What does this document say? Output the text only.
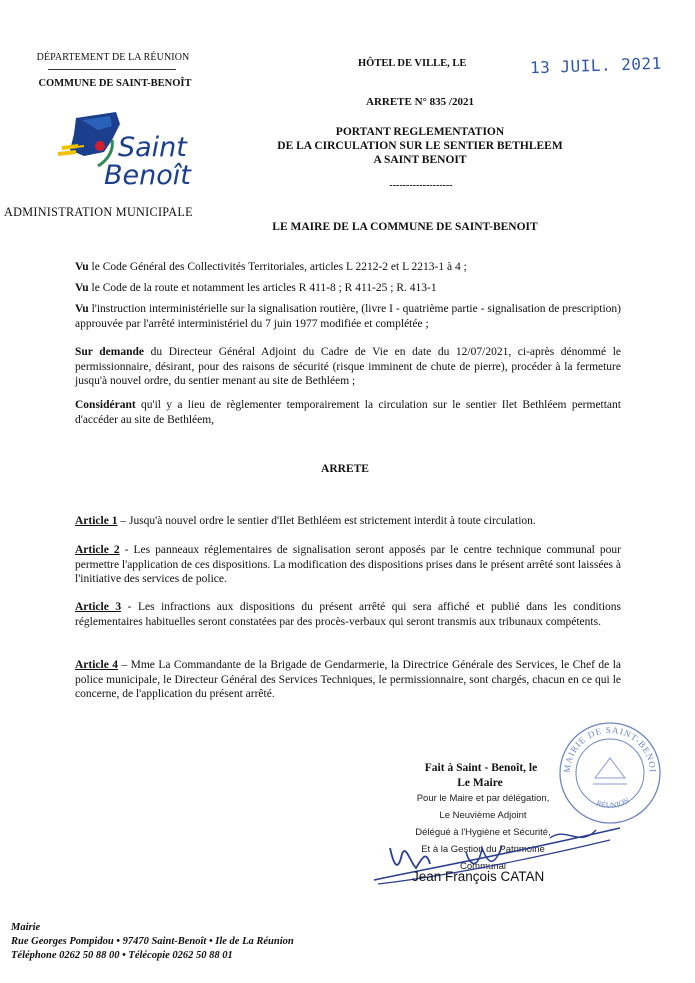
DÉPARTEMENT DE LA RÉUNION
COMMUNE DE SAINT-BENOÎT
Saint
Benoît
ADMINISTRATION MUNICIPALE
HÔTEL DE VILLE, LE	13 JUIL. 2021
ARRETE N° 835 /2021
PORTANT REGLEMENTATION
DE LA CIRCULATION SUR LE SENTIER BETHLEEM
A SAINT BENOIT
-------------------
LE MAIRE DE LA COMMUNE DE SAINT-BENOIT

Vu le Code Général des Collectivités Territoriales, articles L 2212-2 et L 2213-1 à 4 ;

Vu le Code de la route et notamment les articles R 411-8 ; R 411-25 ; R. 413-1

Vu l'instruction interministérielle sur la signalisation routière, (livre I - quatrième partie - signalisation de prescription) approuvée par l'arrêté interministériel du 7 juin 1977 modifiée et complétée ;

Sur demande du Directeur Général Adjoint du Cadre de Vie en date du 12/07/2021, ci-après dénommé le permissionnaire, désirant, pour des raisons de sécurité (risque imminent de chute de pierre), procéder à la fermeture jusqu'à nouvel ordre, du sentier menant au site de Bethléem ;

Considérant qu'il y a lieu de règlementer temporairement la circulation sur le sentier Ilet Bethléem permettant d'accéder au site de Bethléem,

ARRETE

Article 1 – Jusqu'à nouvel ordre le sentier d'Ilet Bethléem est strictement interdit à toute circulation.

Article 2 - Les panneaux réglementaires de signalisation seront apposés par le centre technique communal pour permettre l'application de ces dispositions. La modification des dispositions prises dans le présent arrêté sont laissées à l'initiative des services de police.

Article 3 - Les infractions aux dispositions du présent arrêté qui sera affiché et publié dans les conditions réglementaires habituelles seront constatées par des procès-verbaux qui seront transmis aux tribunaux compétents.

Article 4 – Mme La Commandante de la Brigade de Gendarmerie, la Directrice Générale des Services, le Chef de la police municipale, le Directeur Général des Services Techniques, le permissionnaire, sont chargés, chacun en ce qui le concerne, de l'application du présent arrêté.

MAIRIE DE SAINT-BENOI
RÉUNION
Fait à Saint - Benoît, le
Le Maire
Pour le Maire et par délégation,
Le Neuvième Adjoint
Délégué à l'Hygiène et Sécurité,
Et à la Gestion du Patrimoine Communal
Jean François CATAN
Mairie
Rue Georges Pompidou • 97470 Saint-Benoît • Ile de La Réunion
Téléphone 0262 50 88 00 • Télécopie 0262 50 88 01
